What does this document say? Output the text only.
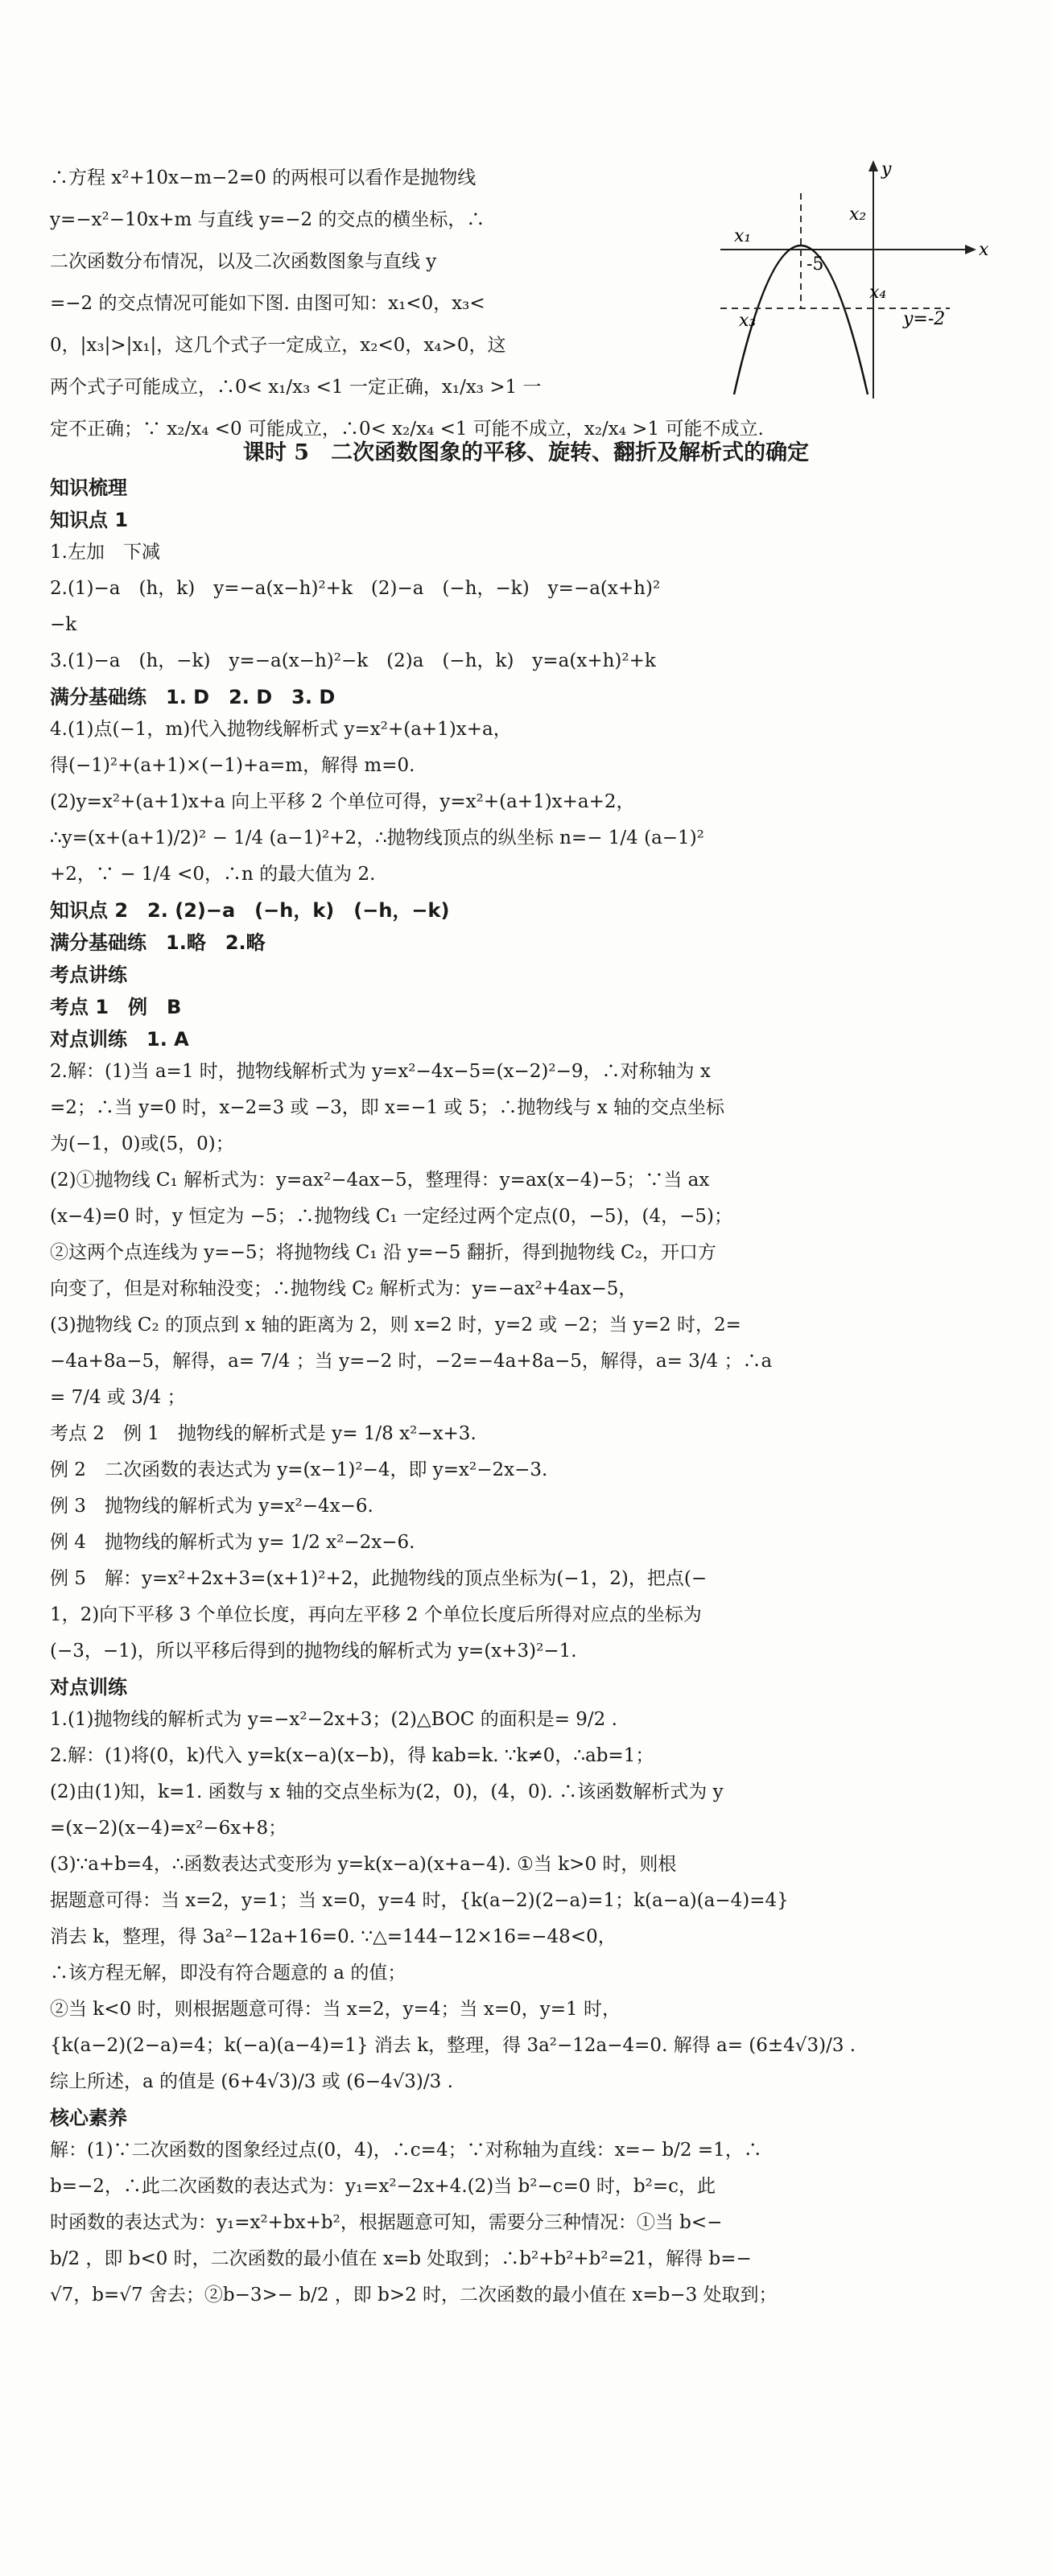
∴方程 x²+10x−m−2=0 的两根可以看作是抛物线
y=−x²−10x+m 与直线 y=−2 的交点的横坐标，∴
二次函数分布情况，以及二次函数图象与直线 y
=−2 的交点情况可能如下图. 由图可知：x₁<0，x₃<
0，|x₃|>|x₁|，这几个式子一定成立，x₂<0，x₄>0，这
两个式子可能成立，∴0< x₁/x₃ <1 一定正确，x₁/x₃ >1 一
定不正确；∵ x₂/x₄ <0 可能成立，∴0< x₂/x₄ <1 可能不成立，x₂/x₄ >1 可能不成立.
x₁
x₂
x₃
x₄
-5
x
y
y=-2
课时 5　二次函数图象的平移、旋转、翻折及解析式的确定
知识梳理
知识点 1
1.左加　下减
2.(1)−a　(h，k)　y=−a(x−h)²+k　(2)−a　(−h，−k)　y=−a(x+h)²
−k
3.(1)−a　(h，−k)　y=−a(x−h)²−k　(2)a　(−h，k)　y=a(x+h)²+k
满分基础练　1. D　2. D　3. D
4.(1)点(−1，m)代入抛物线解析式 y=x²+(a+1)x+a，
得(−1)²+(a+1)×(−1)+a=m，解得 m=0.
(2)y=x²+(a+1)x+a 向上平移 2 个单位可得，y=x²+(a+1)x+a+2，
∴y=(x+(a+1)/2)² − 1/4 (a−1)²+2，∴抛物线顶点的纵坐标 n=− 1/4 (a−1)²
+2，∵ − 1/4 <0，∴n 的最大值为 2.
知识点 2　2. (2)−a　(−h，k)　(−h，−k)
满分基础练　1.略　2.略
考点讲练
考点 1　例　B
对点训练　1. A
2.解：(1)当 a=1 时，抛物线解析式为 y=x²−4x−5=(x−2)²−9，∴对称轴为 x
=2；∴当 y=0 时，x−2=3 或 −3，即 x=−1 或 5；∴抛物线与 x 轴的交点坐标
为(−1，0)或(5，0)；
(2)①抛物线 C₁ 解析式为：y=ax²−4ax−5，整理得：y=ax(x−4)−5；∵当 ax
(x−4)=0 时，y 恒定为 −5；∴抛物线 C₁ 一定经过两个定点(0，−5)，(4，−5)；
②这两个点连线为 y=−5；将抛物线 C₁ 沿 y=−5 翻折，得到抛物线 C₂，开口方
向变了，但是对称轴没变；∴抛物线 C₂ 解析式为：y=−ax²+4ax−5，
(3)抛物线 C₂ 的顶点到 x 轴的距离为 2，则 x=2 时，y=2 或 −2；当 y=2 时，2=
−4a+8a−5，解得，a= 7/4 ；当 y=−2 时，−2=−4a+8a−5，解得，a= 3/4 ；∴a
= 7/4 或 3/4 ；
考点 2　例 1　抛物线的解析式是 y= 1/8 x²−x+3.
例 2　二次函数的表达式为 y=(x−1)²−4，即 y=x²−2x−3.
例 3　抛物线的解析式为 y=x²−4x−6.
例 4　抛物线的解析式为 y= 1/2 x²−2x−6.
例 5　解：y=x²+2x+3=(x+1)²+2，此抛物线的顶点坐标为(−1，2)，把点(−
1，2)向下平移 3 个单位长度，再向左平移 2 个单位长度后所得对应点的坐标为
(−3，−1)，所以平移后得到的抛物线的解析式为 y=(x+3)²−1.
对点训练
1.(1)抛物线的解析式为 y=−x²−2x+3；(2)△BOC 的面积是= 9/2 .
2.解：(1)将(0，k)代入 y=k(x−a)(x−b)，得 kab=k. ∵k≠0，∴ab=1；
(2)由(1)知，k=1. 函数与 x 轴的交点坐标为(2，0)，(4，0). ∴该函数解析式为 y
=(x−2)(x−4)=x²−6x+8；
(3)∵a+b=4，∴函数表达式变形为 y=k(x−a)(x+a−4). ①当 k>0 时，则根
据题意可得：当 x=2，y=1；当 x=0，y=4 时，{k(a−2)(2−a)=1；k(a−a)(a−4)=4}
消去 k，整理，得 3a²−12a+16=0. ∵△=144−12×16=−48<0，
∴该方程无解，即没有符合题意的 a 的值；
②当 k<0 时，则根据题意可得：当 x=2，y=4；当 x=0，y=1 时，
{k(a−2)(2−a)=4；k(−a)(a−4)=1} 消去 k，整理，得 3a²−12a−4=0. 解得 a= (6±4√3)/3 .
综上所述，a 的值是 (6+4√3)/3 或 (6−4√3)/3 .
核心素养
解：(1)∵二次函数的图象经过点(0，4)，∴c=4；∵对称轴为直线：x=− b/2 =1，∴
b=−2，∴此二次函数的表达式为：y₁=x²−2x+4.(2)当 b²−c=0 时，b²=c，此
时函数的表达式为：y₁=x²+bx+b²，根据题意可知，需要分三种情况：①当 b<−
b/2 ，即 b<0 时，二次函数的最小值在 x=b 处取到；∴b²+b²+b²=21，解得 b=−
√7，b=√7 舍去；②b−3>− b/2 ，即 b>2 时，二次函数的最小值在 x=b−3 处取到；
